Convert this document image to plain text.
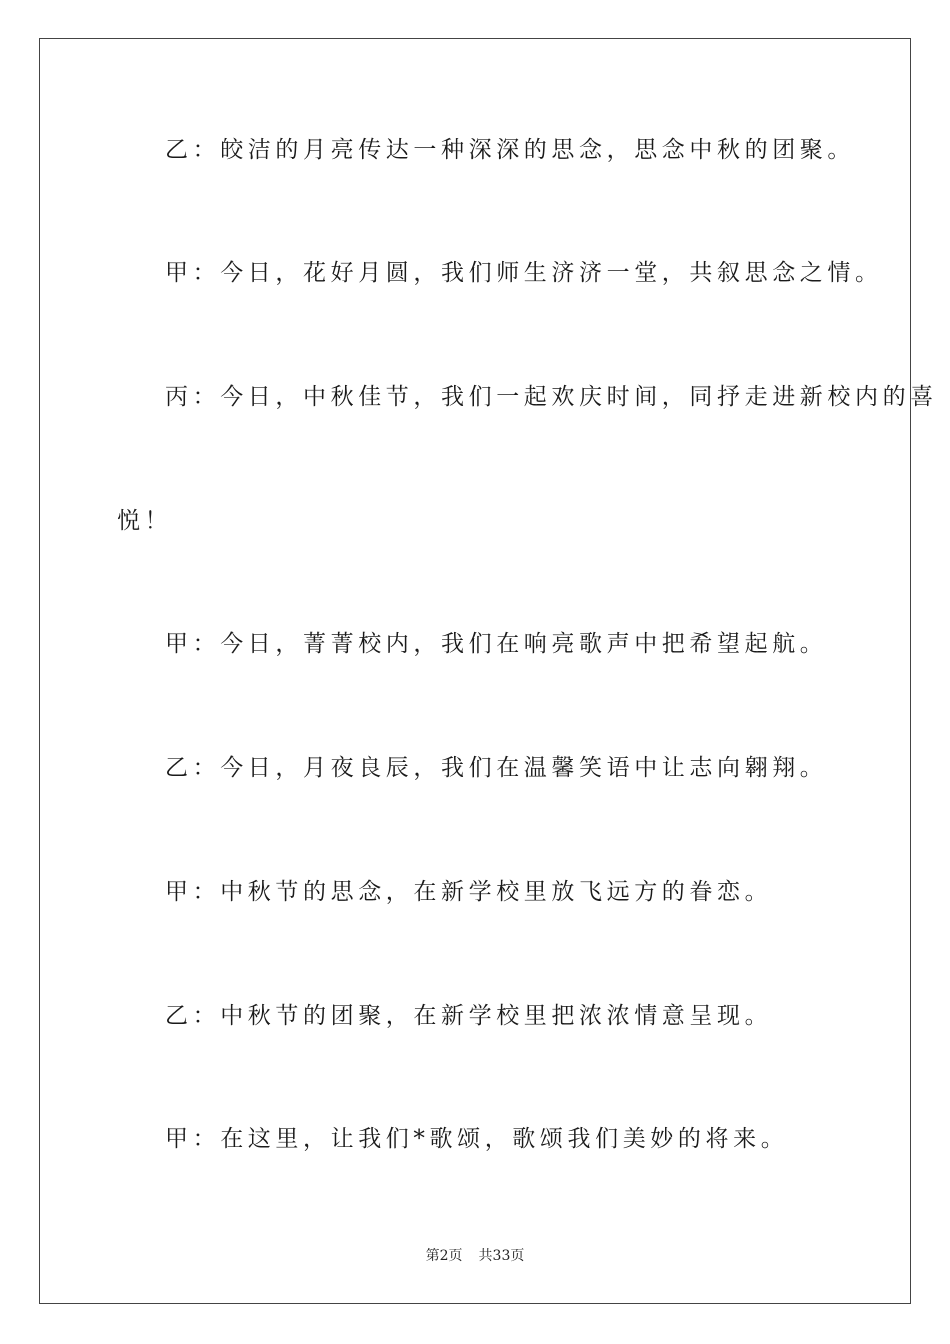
乙：皎洁的月亮传达一种深深的思念，思念中秋的团聚。
甲：今日，花好月圆，我们师生济济一堂，共叙思念之情。
丙：今日，中秋佳节，我们一起欢庆时间，同抒走进新校内的喜
悦！
甲：今日，菁菁校内，我们在响亮歌声中把希望起航。
乙：今日，月夜良辰，我们在温馨笑语中让志向翱翔。
甲：中秋节的思念，在新学校里放飞远方的眷恋。
乙：中秋节的团聚，在新学校里把浓浓情意呈现。
甲：在这里，让我们*歌颂，歌颂我们美妙的将来。
第2页 共33页
